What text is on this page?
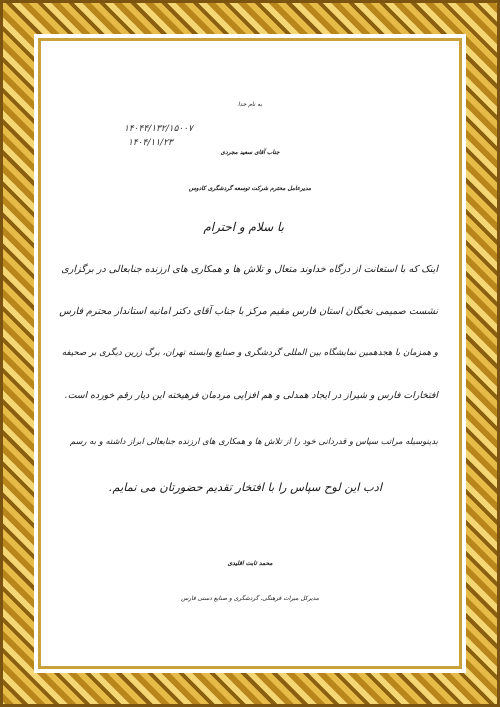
به نام خدا
۱۴۰۴۴/۱۳۲/۱۵۰۰۷
۱۴۰۴/۱۱/۲۳
جناب آقای سعید مجردی
مدیرعامل محترم شرکت توسعه گردشگری کادوس
با سلام و احترام
اینک که با استعانت از درگاه خداوند متعال و تلاش ها و همکاری های ارزنده جنابعالی در برگزاری
نشست صمیمی نخبگان استان فارس مقیم مرکز با جناب آقای دکتر امانیه استاندار محترم فارس
و همزمان با هجدهمین نمایشگاه بین المللی گردشگری و صنایع وابسته تهران، برگ زرین دیگری بر صحیفه
افتخارات فارس و شیراز در ایجاد همدلی و هم افزایی مردمان فرهیخته این دیار رقم خورده است.
بدینوسیله مراتب سپاس و قدردانی خود را از تلاش ها و همکاری های ارزنده جنابعالی ابراز داشته و به رسم
ادب این لوح سپاس را با افتخار تقدیم حضورتان می نمایم.
محمد ثابت اقلیدی
مدیرکل میراث فرهنگی، گردشگری و صنایع دستی فارس
